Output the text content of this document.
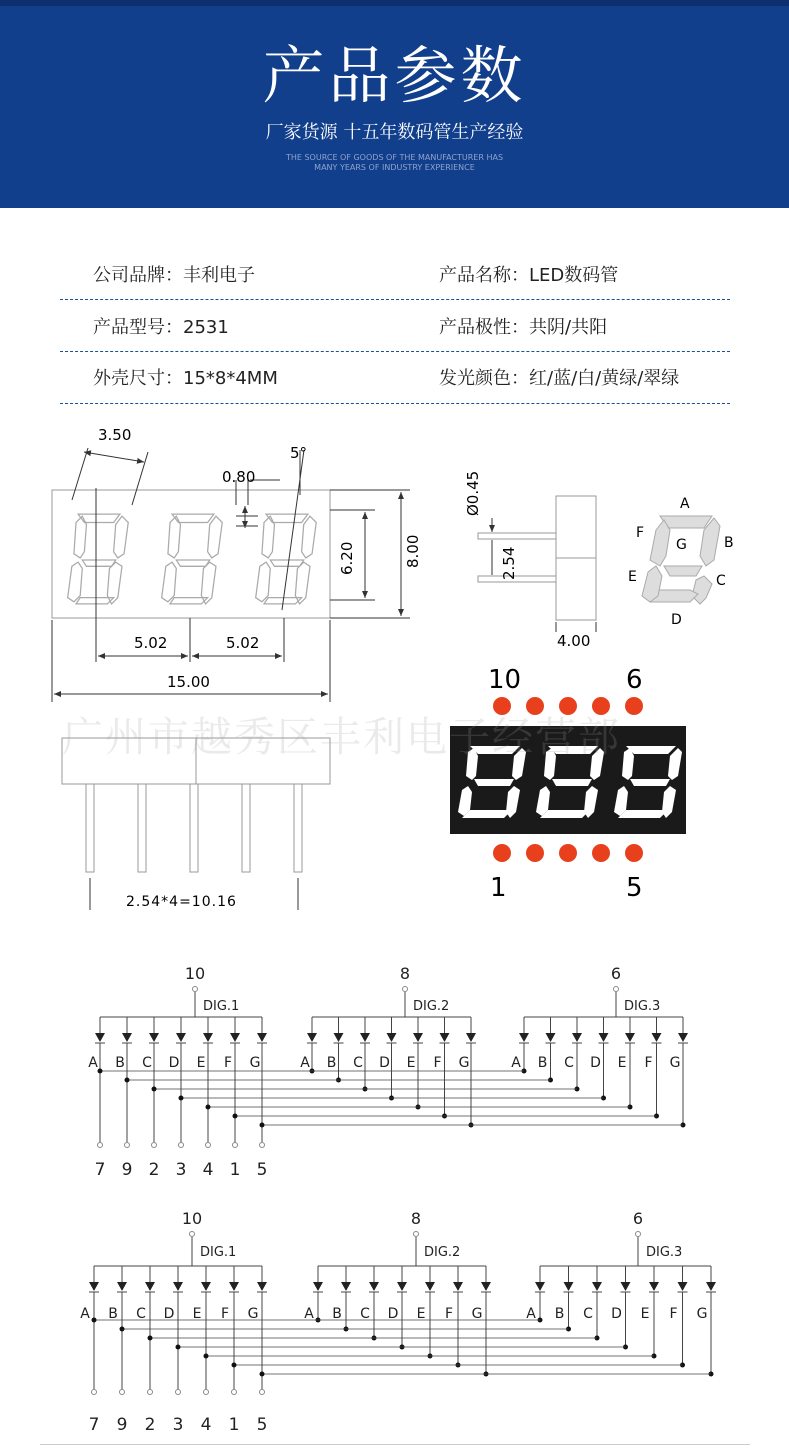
产品参数
厂家货源 十五年数码管生产经验
THE SOURCE OF GOODS OF THE MANUFACTURER HAS
MANY YEARS OF INDUSTRY EXPERIENCE
公司品牌：丰利电子	产品名称：LED数码管
产品型号：2531	产品极性：共阴/共阳
外壳尺寸：15*8*4MM	发光颜色：红/蓝/白/黄绿/翠绿
3.50
0.80
5°
6.20	8.00
5.02	5.02
15.00
Ø0.45
2.54
4.00
A
B
C
D
E
F
G
2.54*4=10.16
10	6
1	5
广州市越秀区丰利电子经营部
10
DIG.1
A B C D E F G
8
DIG.2
A B C D E F G
6
DIG.3
A B C D E F G
7 9 2 3 4 1 5
10
DIG.1
A B C D E F G
8
DIG.2
A B C D E F G
6
DIG.3
A B C D E F G
7 9 2 3 4 1 5
